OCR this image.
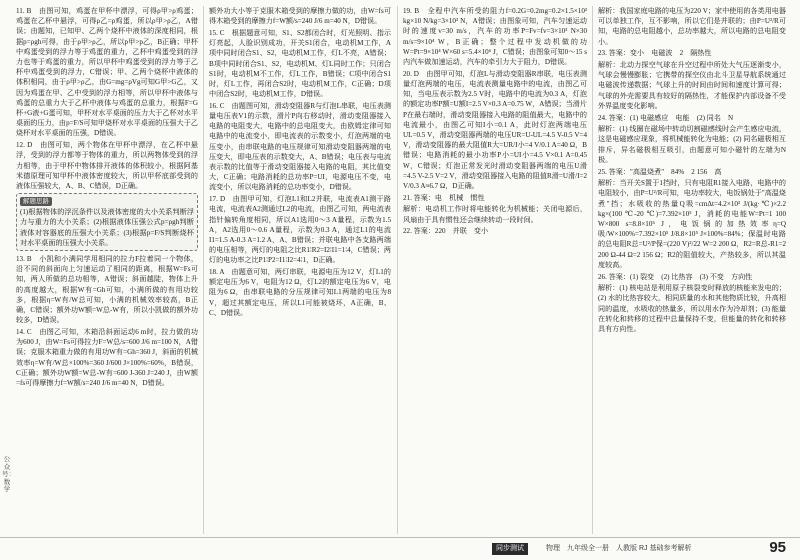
11. B　由图可知，鸡蛋在甲杯中漂浮，可得ρ甲>ρ鸡蛋；鸡蛋在乙杯中悬浮，可得ρ乙=ρ鸡蛋，所以ρ甲>ρ乙，A错误；由题知，已知甲、乙两个烧杯中液体的深度相同，根据p=ρgh可得，由于ρ甲>ρ乙，所以p甲>p乙，B正确；甲杯中鸡蛋受到的浮力等于鸡蛋的重力，乙杯中鸡蛋受到的浮力也等于鸡蛋的重力，所以甲杯中鸡蛋受到的浮力等于乙杯中鸡蛋受到的浮力，C错误；甲、乙两个烧杯中液体的体积相同，由于ρ甲>ρ乙，由G=mg=ρVg可知G甲>G乙，又因为鸡蛋在甲、乙中受到的浮力相等，所以甲杯中液体与鸡蛋的总重力大于乙杯中液体与鸡蛋的总重力，根据F=G杯+G液+G蛋可知，甲杯对水平桌面的压力大于乙杯对水平桌面的压力，由p=F/S可知甲烧杯对水平桌面的压强大于乙烧杯对水平桌面的压强，D错误。

12. D　由图可知，两个物体在甲杯中漂浮，在乙杯中悬浮，受到的浮力都等于物体的重力，所以两物体受到的浮力相等，由于甲杯中物体排开液体的体积较小，根据阿基米德原理可知甲杯中液体密度较大，所以甲杯底部受到的液体压强较大，A、B、C错误，D正确。

解题思路
(1)根据物体的浮沉条件以及液体密度的大小关系判断浮力与重力的大小关系；(2)根据液体压强公式p=ρgh判断液体对容器底的压强大小关系；(3)根据p=F/S判断烧杯对水平桌面的压强大小关系。

13. B　小凯和小满同学用相同的拉力F拉着同一个物体，沿不同的斜面向上匀速运动了相同的距离，根据W=Fs可知，两人所做的总功相等，A错误；斜面越陡，物体上升的高度越大，根据W有=Gh可知，小满所做的有用功较多，根据η=W有/W总可知，小满的机械效率较高，B正确，C错误；额外功W额=W总-W有，所以小凯做的额外功较多，D错误。

14. C　由图乙可知，木箱沿斜面运动6 m时，拉力做的功为600 J，由W=Fs可得拉力F=W总/s=600 J/6 m=100 N，A错误；克服木箱重力做的有用功W有=Gh=360 J，斜面的机械效率η=W有/W总×100%=360 J/600 J×100%=60%，B错误，C正确；额外功W额=W总-W有=600 J-360 J=240 J，由W额=fs可得摩擦力f=W额/s=240 J/6 m=40 N，D错误。

额外功大小等于克服木箱受到的摩擦力做的功，由W=fs可得木箱受到的摩擦力f=W额/s=240 J/6 m=40 N，D错误。

15. C　根据题意可知，S1、S2都闭合时，灯光照明、指示灯亮起，人脸识别成功，开关S1闭合，电动机M工作，A项中同时闭合S1、S2，电动机M工作，灯L不亮，A错误；B项中同时闭合S1、S2，电动机M、灯L同时工作；只闭合S1时，电动机M不工作，灯L工作，B错误；C项中闭合S1时，灯L工作，再闭合S2时，电动机M工作，C正确；D项中闭合S2时，电动机M工作，D错误。

16. C　由题图可知，滑动变阻器R与灯泡L串联，电压表测量电压表V1的示数，滑片P向右移动时，滑动变阻器接入电路的电阻变大，电路中的总电阻变大，由欧姆定律可知电路中的电流变小，即电流表的示数变小，灯泡两端的电压变小，由串联电路的电压规律可知滑动变阻器两端的电压变大，即电压表的示数变大，A、B错误；电压表与电流表示数的比值等于滑动变阻器接入电路的电阻，其比值变大，C正确；电路消耗的总功率P=UI，电源电压不变，电流变小，所以电路消耗的总功率变小，D错误。

17. D　由图甲可知，灯泡L1和L2并联，电流表A1测干路电流，电流表A2测通过L2的电流，由图乙可知，两电流表指针偏转角度相同，所以A1选用0～3 A量程，示数为1.5 A，A2选用0～0.6 A量程，示数为0.3 A，通过L1的电流I1=1.5 A-0.3 A=1.2 A，A、B错误；并联电路中各支路两端的电压相等，两灯的电阻之比R1∶R2=I2∶I1=1∶4，C错误；两灯的电功率之比P1∶P2=I1∶I2=4∶1，D正确。

18. A　由题意可知，两灯串联，电源电压为12 V，灯L1的额定电压为6 V，电阻为12 Ω，灯L2的额定电压为6 V，电阻为6 Ω，由串联电路的分压规律可知L1两端的电压为8 V，超过其额定电压，所以L1可能被烧坏，A正确，B、C、D错误。

19. B　全程中汽车所受的阻力f=0.2G=0.2mg=0.2×1.5×10³ kg×10 N/kg=3×10³ N，A错误；由图象可知，汽车匀速运动时的速度v=30 m/s，汽车的功率P=Fv=fv=3×10³ N×30 m/s=9×10⁴ W，B正确；整个过程中发动机做的功W=Pt=9×10⁴ W×60 s=5.4×10⁶ J，C错误；由图象可知0～15 s内汽车做加速运动，汽车的牵引力大于阻力，D错误。

20. D　由图甲可知，灯泡L与滑动变阻器R串联，电压表测量灯泡两端的电压，电流表测量电路中的电流，由图乙可知，当电压表示数为2.5 V时，电路中的电流为0.3 A，灯泡的额定功率P额=U额I=2.5 V×0.3 A=0.75 W，A错误；当滑片P在最右端时，滑动变阻器接入电路的阻值最大，电路中的电流最小，由图乙可知I小=0.1 A，此时灯泡两端电压UL=0.5 V，滑动变阻器两端的电压UR=U-UL=4.5 V-0.5 V=4 V，滑动变阻器的最大阻值R大=UR/I小=4 V/0.1 A=40 Ω，B错误；电路消耗的最小功率P小=UI小=4.5 V×0.1 A=0.45 W，C错误；灯泡正常发光时滑动变阻器两端的电压U滑=4.5 V-2.5 V=2 V，滑动变阻器接入电路的阻值R滑=U滑/I=2 V/0.3 A≈6.7 Ω，D正确。

21. 答案：电　机械　惯性

解析：电动机工作时将电能转化为机械能；关闭电源后，风扇由于具有惯性还会继续转动一段时间。

22. 答案：220　并联　变小

解析：我国家庭电路的电压为220 V；家中使用的各类用电器可以单独工作，互不影响，所以它们是并联的；由P=U²/R可知，电路的总电阻越小，总功率越大，所以电路的总电阻变小。

23. 答案：变小　电磁波　2　隔热性

解析：北动力探空气球在升空过程中所处大气压逐渐变小，气球会慢慢膨胀；它携带的探空仪由北斗卫星导航系统通过电磁波传递数据；气球上升的时间由时间和速度计算可得；气球的外壳需要具有较好的隔热性，才能保护内部设备不受外界温度变化影响。

24. 答案：(1) 电磁感应　电能　(2) 同名　N

解析：(1) 线圈在磁场中转动切割磁感线时会产生感应电流，这是电磁感应现象，将机械能转化为电能；(2) 同名磁极相互排斥，异名磁极相互吸引，由题意可知小磁针的左端为N极。

25. 答案："高温烧煮"　84%　2 156　高

解析：当开关S置于1挡时，只有电阻R1接入电路，电路中的电阻较小，由P=U²/R可知，电功率较大，电饭锅处于"高温烧煮"挡；水吸收的热量Q吸=cmΔt=4.2×10³ J/(kg·℃)×2.2 kg×(100 ℃-20 ℃)=7.392×10⁵ J，消耗的电能W=Pt=1 100 W×800 s=8.8×10⁵ J，电饭锅的加热效率η=Q吸/W×100%=7.392×10⁵ J/8.8×10⁵ J×100%=84%；保温时电路的总电阻R总=U²/P保=(220 V)²/22 W=2 200 Ω，R2=R总-R1=2 200 Ω-44 Ω=2 156 Ω；R2的阻值较大，产热较多，所以其温度较高。

26. 答案：(1) 裂变　(2) 比热容　(3) 不变　方向性

解析：(1) 核电站是利用原子核裂变时释放的核能来发电的；(2) 水的比热容较大，相同质量的水和其他物质比较，升高相同的温度，水吸收的热量多，所以用水作为冷却剂；(3) 能量在转化和转移的过程中总量保持不变，但能量的转化和转移具有方向性。

公众号：数学
同步测试	物理　九年级全一册　人教版 RJ 基础参考解析	95
